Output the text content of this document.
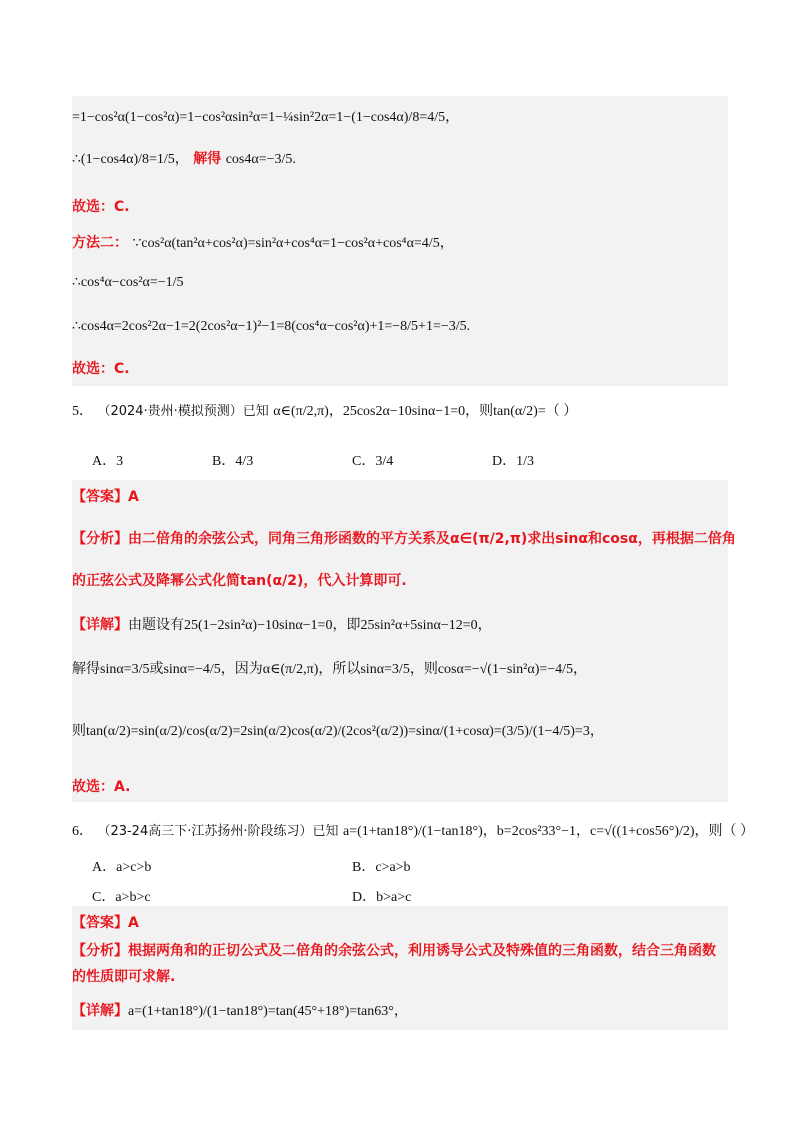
=1−cos²α(1−cos²α)=1−cos²αsin²α=1−¼sin²2α=1−(1−cos4α)/8=4/5，
∴(1−cos4α)/8=1/5， 解得 cos4α=−3/5.
故选：C.
方法二： ∵cos²α(tan²α+cos²α)=sin²α+cos⁴α=1−cos²α+cos⁴α=4/5，
∴cos⁴α−cos²α=−1/5
∴cos4α=2cos²2α−1=2(2cos²α−1)²−1=8(cos⁴α−cos²α)+1=−8/5+1=−3/5.
故选：C.
5． （2024·贵州·模拟预测）已知 α∈(π/2,π)，25cos2α−10sinα−1=0，则tan(α/2)=（ ）
A．3	B．4/3	C．3/4	D．1/3
【答案】A
【分析】由二倍角的余弦公式，同角三角形函数的平方关系及α∈(π/2,π)求出sinα和cosα，再根据二倍角
的正弦公式及降幂公式化简tan(α/2)，代入计算即可.
【详解】由题设有25(1−2sin²α)−10sinα−1=0，即25sin²α+5sinα−12=0，
解得sinα=3/5或sinα=−4/5，因为α∈(π/2,π)，所以sinα=3/5，则cosα=−√(1−sin²α)=−4/5，
则tan(α/2)=sin(α/2)/cos(α/2)=2sin(α/2)cos(α/2)/(2cos²(α/2))=sinα/(1+cosα)=(3/5)/(1−4/5)=3，
故选：A.
6． （23-24高三下·江苏扬州·阶段练习）已知 a=(1+tan18°)/(1−tan18°)，b=2cos²33°−1，c=√((1+cos56°)/2)，则（ ）
A．a>c>b	B．c>a>b
C．a>b>c	D．b>a>c
【答案】A
【分析】根据两角和的正切公式及二倍角的余弦公式，利用诱导公式及特殊值的三角函数，结合三角函数
的性质即可求解.
【详解】a=(1+tan18°)/(1−tan18°)=tan(45°+18°)=tan63°，
